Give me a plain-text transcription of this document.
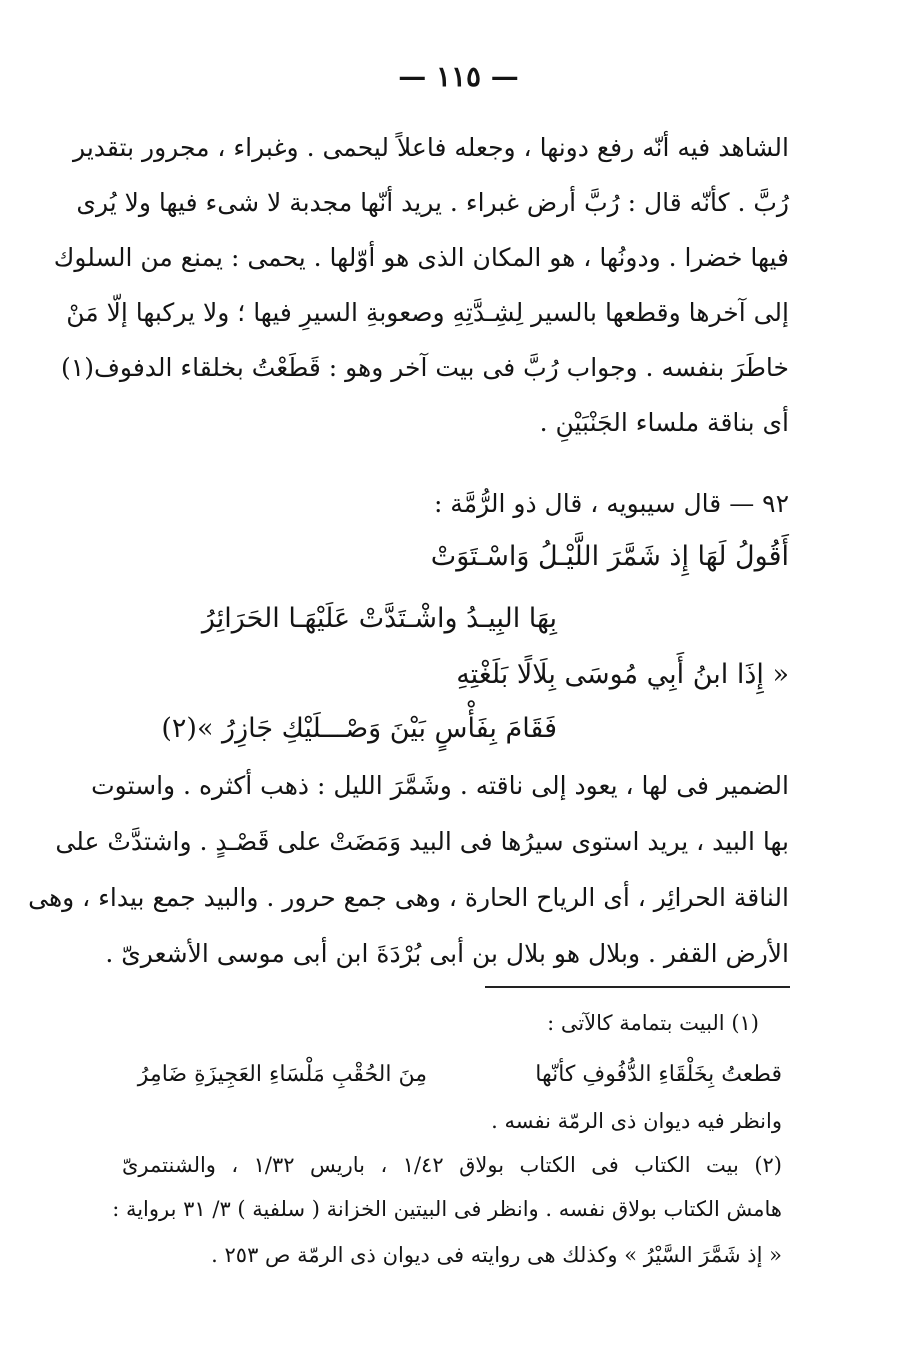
— ١١٥ —
الشاهد فيه أنّه رفع دونها ، وجعله فاعلاً ليحمى . وغبراء ، مجرور بتقدير
رُبَّ . كأنّه قال : رُبَّ أرض غبراء . يريد أنّها مجدبة لا شىء فيها ولا يُرى
فيها خضرا . ودونُها ، هو المكان الذى هو أوّلها . يحمى : يمنع من السلوك
إلى آخرها وقطعها بالسير لِشِـدَّتِهِ وصعوبةِ السيرِ فيها ؛ ولا يركبها إلّا مَنْ
خاطَرَ بنفسه . وجواب رُبَّ فى بيت آخر وهو : قَطَعْتُ بخلقاء الدفوف(١)
أى بناقة ملساء الجَنْبَيْنِ .
٩٢ — قال سيبويه ، قال ذو الرُّمَّة :
أَقُولُ لَهَا إِذ شَمَّرَ اللَّيْـلُ وَاسْـتَوَتْ
بِهَا البِيـدُ واشْـتَدَّتْ عَلَيْهَـا الحَرَائِرُ
« إِذَا ابنُ أَبِي مُوسَى بِلَالًا بَلَغْتِهِ
فَقَامَ بِفَأْسٍ بَيْنَ وَصْـــلَيْكِ جَازِرُ »(٢)
الضمير فى لها ، يعود إلى ناقته . وشَمَّرَ الليل : ذهب أكثره . واستوت
بها البيد ، يريد استوى سيرُها فى البيد وَمَضَتْ على قَصْـدٍ . واشتدَّتْ على
الناقة الحرائِر ، أى الرياح الحارة ، وهى جمع حرور . والبيد جمع بيداء ، وهى
الأرض القفر . وبلال هو بلال بن أبى بُرْدَةَ ابن أبى موسى الأشعرىّ .
(١) البيت بتمامة كالآتى :
قطعتُ بِخَلْقَاءِ الدُّفُوفِ كأنّها
مِنَ الحُقْبِ مَلْسَاءِ العَجِيزَةِ ضَامِرُ
وانظر فيه ديوان ذى الرمّة نفسه .
(٢) بيت الكتاب فى الكتاب بولاق ١/٤٢ ، باريس ١/٣٢ ، والشنتمرىّ
هامش الكتاب بولاق نفسه . وانظر فى البيتين الخزانة ( سلفية ) ٣/ ٣١ برواية :
« إذ شَمَّرَ السَّيْرُ » وكذلك هى روايته فى ديوان ذى الرمّة ص ٢٥٣ .
